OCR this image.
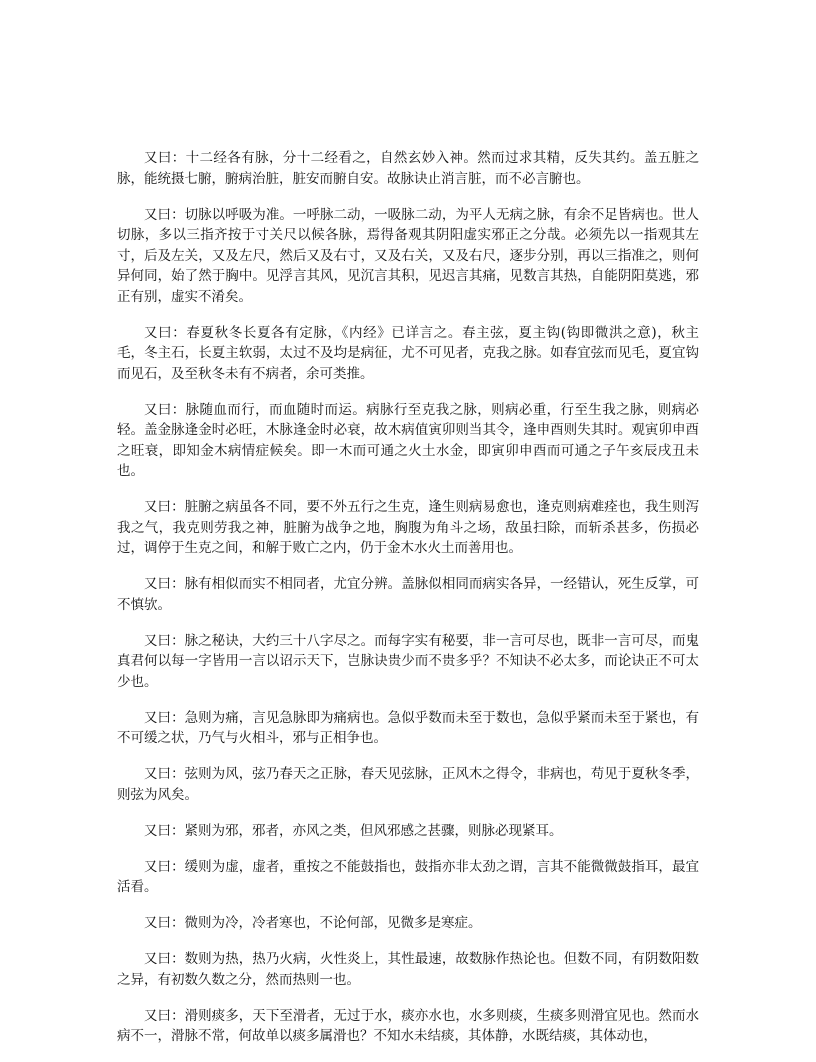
又曰：十二经各有脉，分十二经看之，自然玄妙入神。然而过求其精，反失其约。盖五脏之脉，能统摄七腑，腑病治脏，脏安而腑自安。故脉诀止消言脏，而不必言腑也。

又曰：切脉以呼吸为准。一呼脉二动，一吸脉二动，为平人无病之脉，有余不足皆病也。世人切脉，多以三指齐按于寸关尺以候各脉，焉得备观其阴阳虚实邪正之分哉。必须先以一指观其左寸，后及左关，又及左尺，然后又及右寸，又及右关，又及右尺，逐步分别，再以三指准之，则何异何同，始了然于胸中。见浮言其风，见沉言其积，见迟言其痛，见数言其热，自能阴阳莫逃，邪正有别，虚实不淆矣。

又曰：春夏秋冬长夏各有定脉，《内经》已详言之。春主弦，夏主钩(钩即微洪之意)，秋主毛，冬主石，长夏主软弱，太过不及均是病征，尤不可见者，克我之脉。如春宜弦而见毛，夏宜钩而见石，及至秋冬未有不病者，余可类推。

又曰：脉随血而行，而血随时而运。病脉行至克我之脉，则病必重，行至生我之脉，则病必轻。盖金脉逢金时必旺，木脉逢金时必衰，故木病值寅卯则当其令，逢申酉则失其时。观寅卯申酉之旺衰，即知金木病情症候矣。即一木而可通之火土水金，即寅卯申酉而可通之子午亥辰戌丑未也。

又曰：脏腑之病虽各不同，要不外五行之生克，逢生则病易愈也，逢克则病难痊也，我生则泻我之气，我克则劳我之神，脏腑为战争之地，胸腹为角斗之场，敌虽扫除，而斩杀甚多，伤损必过，调停于生克之间，和解于败亡之内，仍于金木水火土而善用也。

又曰：脉有相似而实不相同者，尤宜分辨。盖脉似相同而病实各异，一经错认，死生反掌，可不慎欤。

又曰：脉之秘诀，大约三十八字尽之。而每字实有秘要，非一言可尽也，既非一言可尽，而鬼真君何以每一字皆用一言以诏示天下，岂脉诀贵少而不贵多乎？不知诀不必太多，而论诀正不可太少也。

又曰：急则为痛，言见急脉即为痛病也。急似乎数而未至于数也，急似乎紧而未至于紧也，有不可缓之状，乃气与火相斗，邪与正相争也。

又曰：弦则为风，弦乃春天之正脉，春天见弦脉，正风木之得令，非病也，苟见于夏秋冬季，则弦为风矣。

又曰：紧则为邪，邪者，亦风之类，但风邪感之甚骤，则脉必现紧耳。

又曰：缓则为虚，虚者，重按之不能鼓指也，鼓指亦非太劲之谓，言其不能微微鼓指耳，最宜活看。

又曰：微则为冷，冷者寒也，不论何部，见微多是寒症。

又曰：数则为热，热乃火病，火性炎上，其性最速，故数脉作热论也。但数不同，有阴数阳数之异，有初数久数之分，然而热则一也。

又曰：滑则痰多，天下至滑者，无过于水，痰亦水也，水多则痰，生痰多则滑宜见也。然而水病不一，滑脉不常，何故单以痰多属滑也？不知水未结痰，其体静，水既结痰，其体动也，
